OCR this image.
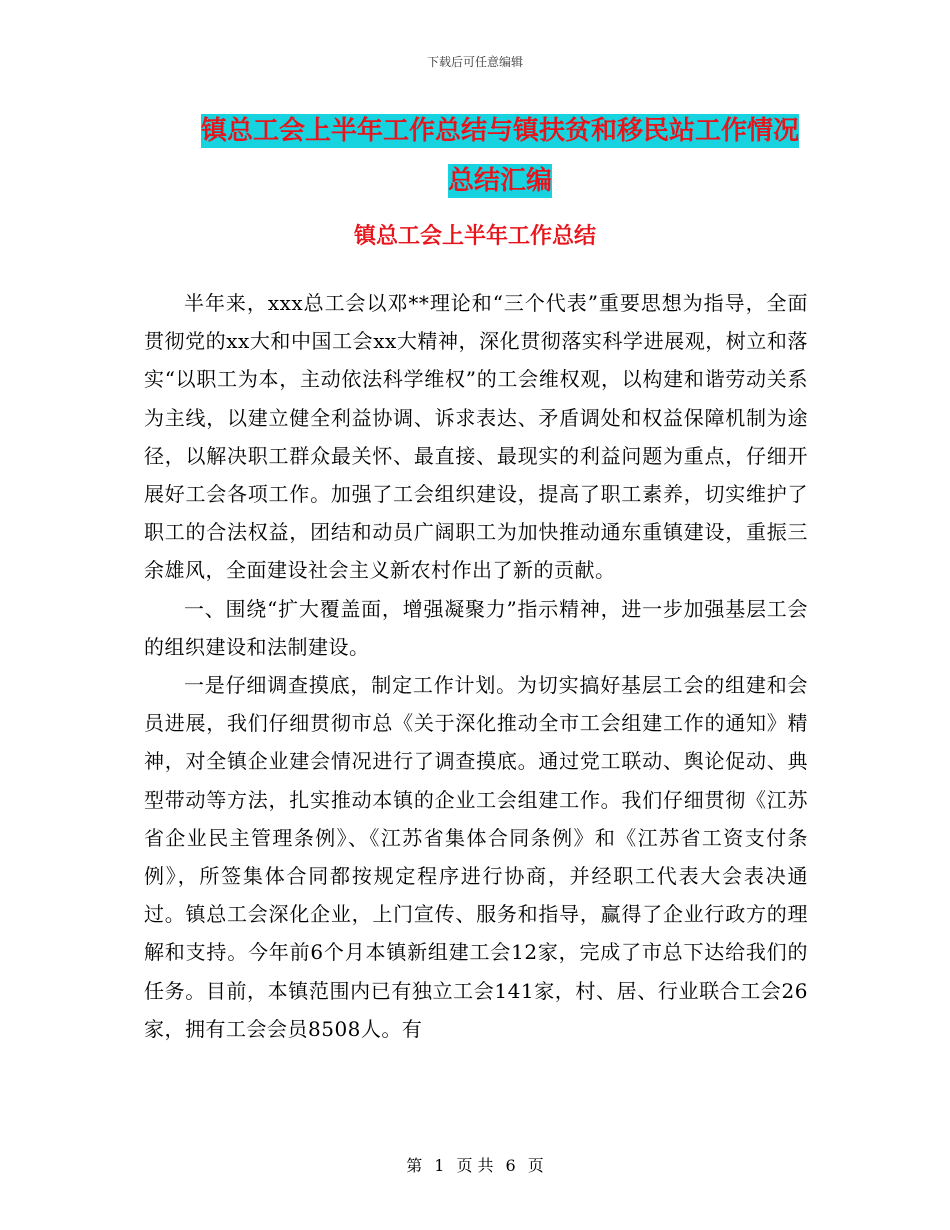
下载后可任意编辑
镇总工会上半年工作总结与镇扶贫和移民站工作情况
总结汇编
镇总工会上半年工作总结

半年来，xxx总工会以邓**理论和“三个代表”重要思想为指导，全面贯彻党的xx大和中国工会xx大精神，深化贯彻落实科学进展观，树立和落实“以职工为本，主动依法科学维权”的工会维权观，以构建和谐劳动关系为主线，以建立健全利益协调、诉求表达、矛盾调处和权益保障机制为途径，以解决职工群众最关怀、最直接、最现实的利益问题为重点，仔细开展好工会各项工作。加强了工会组织建设，提高了职工素养，切实维护了职工的合法权益，团结和动员广阔职工为加快推动通东重镇建设，重振三余雄风，全面建设社会主义新农村作出了新的贡献。

一、围绕“扩大覆盖面，增强凝聚力”指示精神，进一步加强基层工会的组织建设和法制建设。

一是仔细调查摸底，制定工作计划。为切实搞好基层工会的组建和会员进展，我们仔细贯彻市总《关于深化推动全市工会组建工作的通知》精神，对全镇企业建会情况进行了调查摸底。通过党工联动、舆论促动、典型带动等方法，扎实推动本镇的企业工会组建工作。我们仔细贯彻《江苏省企业民主管理条例》、《江苏省集体合同条例》和《江苏省工资支付条例》，所签集体合同都按规定程序进行协商，并经职工代表大会表决通过。镇总工会深化企业，上门宣传、服务和指导，赢得了企业行政方的理解和支持。今年前6个月本镇新组建工会12家，完成了市总下达给我们的任务。目前，本镇范围内已有独立工会141家，村、居、行业联合工会26家，拥有工会会员8508人。有

第 1 页 共 6 页
